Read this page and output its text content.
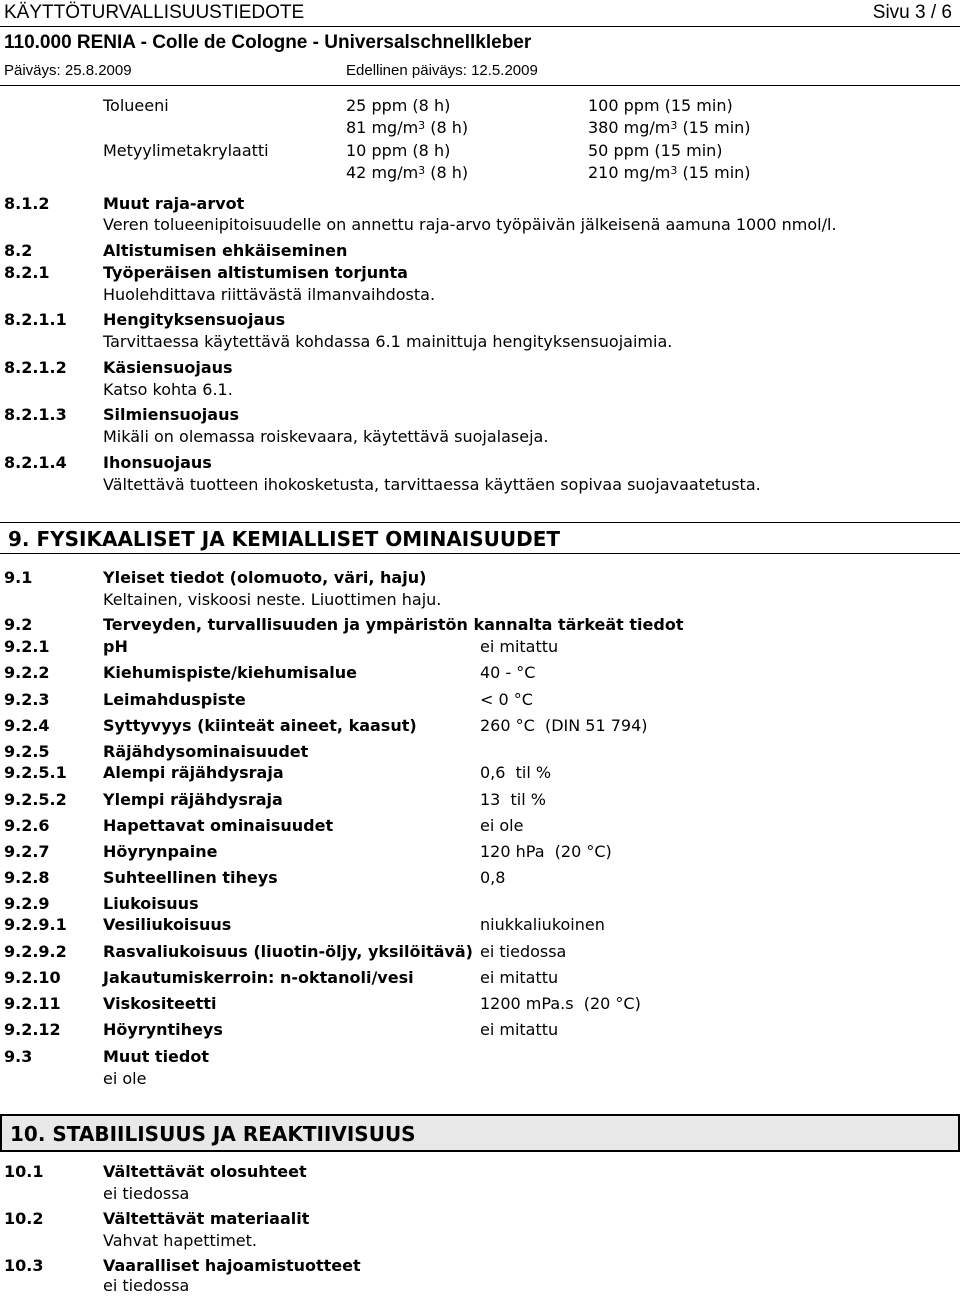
KÄYTTÖTURVALLISUUSTIEDOTE	Sivu 3 / 6
110.000 RENIA - Colle de Cologne - Universalschnellkleber
Päiväys: 25.8.2009	Edellinen päiväys: 12.5.2009
Tolueeni	25 ppm (8 h)	100 ppm (15 min)
81 $mg/m^3$ (8 h)	380 $mg/m^3$ (15 min)
Metyylimetakrylaatti	10 ppm (8 h)	50 ppm (15 min)
42 $mg/m^3$ (8 h)	210 $mg/m^3$ (15 min)
8.1.2	Muut raja-arvot
Veren tolueenipitoisuudelle on annettu raja-arvo työpäivän jälkeisenä aamuna 1000 nmol/l.
8.2	Altistumisen ehkäiseminen
8.2.1	Työperäisen altistumisen torjunta
Huolehdittava riittävästä ilmanvaihdosta.
8.2.1.1 Hengityksensuojaus
Tarvittaessa käytettävä kohdassa 6.1 mainittuja hengityksensuojaimia.
8.2.1.2 Käsiensuojaus
Katso kohta 6.1.
8.2.1.3 Silmiensuojaus
Mikäli on olemassa roiskevaara, käytettävä suojalaseja.
8.2.1.4 Ihonsuojaus
Vältettävä tuotteen ihokosketusta, tarvittaessa käyttäen sopivaa suojavaatetusta.
9. FYSIKAALISET JA KEMIALLISET OMINAISUUDET
9.1	Yleiset tiedot (olomuoto, väri, haju)
Keltainen, viskoosi neste. Liuottimen haju.
9.2	Terveyden, turvallisuuden ja ympäristön kannalta tärkeät tiedot
9.2.1	pH	ei mitattu
9.2.2	Kiehumispiste/kiehumisalue	40 - °C
9.2.3	Leimahduspiste	< 0 °C
9.2.4	Syttyvyys (kiinteät aineet, kaasut)	260 °C  (DIN 51 794)
9.2.5	Räjähdysominaisuudet
9.2.5.1 Alempi räjähdysraja	0,6  til %
9.2.5.2 Ylempi räjähdysraja	13  til %
9.2.6	Hapettavat ominaisuudet	ei ole
9.2.7	Höyrynpaine	120 hPa  (20 °C)
9.2.8	Suhteellinen tiheys	0,8
9.2.9	Liukoisuus
9.2.9.1 Vesiliukoisuus	niukkaliukoinen
9.2.9.2 Rasvaliukoisuus (liuotin-öljy, yksilöitävä) ei tiedossa
9.2.10	Jakautumiskerroin: n-oktanoli/vesi	ei mitattu
9.2.11	Viskositeetti	1200 mPa.s  (20 °C)
9.2.12	Höyryntiheys	ei mitattu
9.3	Muut tiedot
ei ole
10. STABIILISUUS JA REAKTIIVISUUS
10.1	Vältettävät olosuhteet
ei tiedossa
10.2	Vältettävät materiaalit
Vahvat hapettimet.
10.3	Vaaralliset hajoamistuotteet
ei tiedossa
